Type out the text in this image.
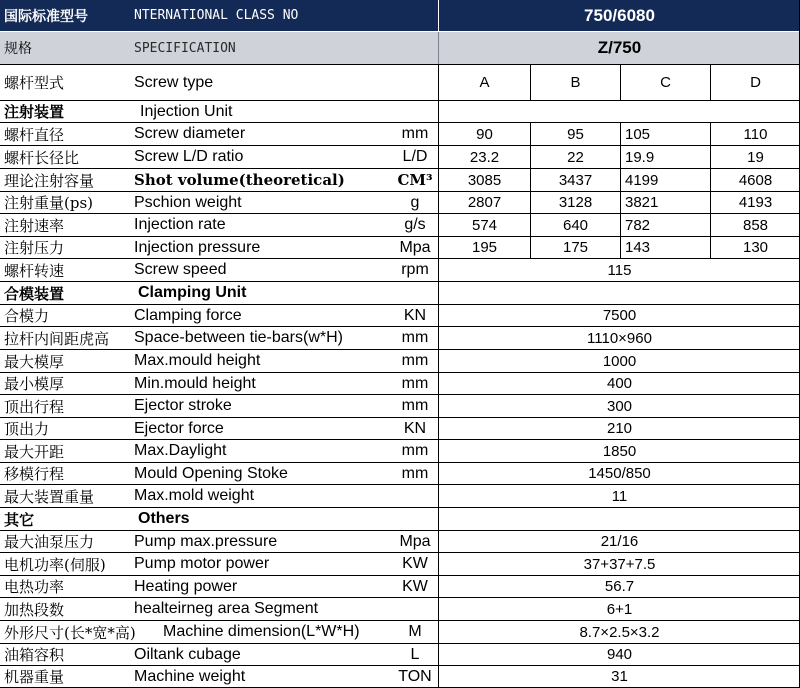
国际标准型号	NTERNATIONAL CLASS NO	750/6080
规格	SPECIFICATION	Z/750
螺杆型式	Screw type	A	B	C	D
注射装置	Injection Unit
螺杆直径	Screw diameter	mm	90	95	105	110
螺杆长径比	Screw L/D ratio	L/D	23.2	22	19.9	19
理论注射容量	Shot volume(theoretical)	CM³	3085	3437	4199	4608
注射重量(ps)	Pschion weight	g	2807	3128	3821	4193
注射速率	Injection rate	g/s	574	640	782	858
注射压力	Injection pressure	Mpa	195	175	143	130
螺杆转速	Screw speed	rpm	115
合模装置	Clamping Unit
合模力	Clamping force	KN	7500
拉杆内间距虎高	Space-between tie-bars(w*H)	mm	1110×960
最大模厚	Max.mould height	mm	1000
最小模厚	Min.mould height	mm	400
顶出行程	Ejector stroke	mm	300
顶出力	Ejector force	KN	210
最大开距	Max.Daylight	mm	1850
移模行程	Mould Opening Stoke	mm	1450/850
最大装置重量	Max.mold weight	11
其它	Others
最大油泵压力	Pump max.pressure	Mpa	21/16
电机功率(伺服)	Pump motor power	KW	37+37+7.5
电热功率	Heating power	KW	56.7
加热段数	healteirneg area Segment	6+1
外形尺寸(长*宽*高)	Machine dimension(L*W*H)	M	8.7×2.5×3.2
油箱容积	Oiltank cubage	L	940
机器重量	Machine weight	TON	31
